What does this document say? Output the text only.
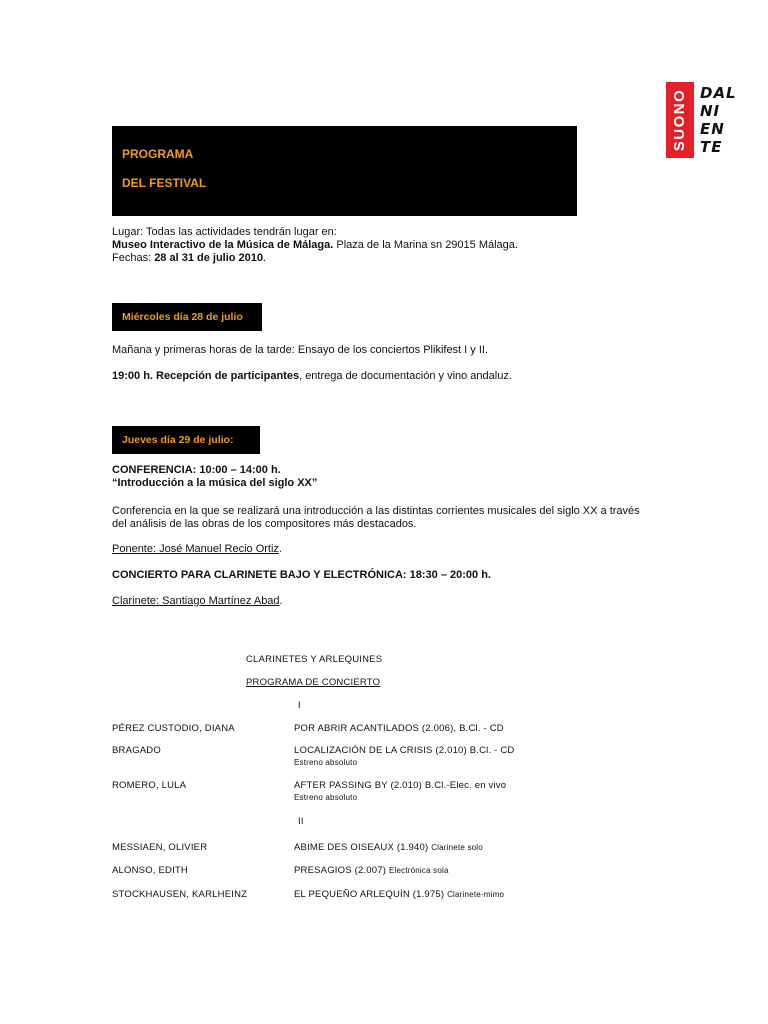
SUONO DAL
NI
EN
TE
PROGRAMA
DEL FESTIVAL
Lugar: Todas las actividades tendrán lugar en:
Museo Interactivo de la Música de Málaga. Plaza de la Marina sn 29015 Málaga.
Fechas: 28 al 31 de julio 2010.
Miércoles día 28 de julio
Mañana y primeras horas de la tarde: Ensayo de los conciertos Plikifest I y II.
19:00 h. Recepción de participantes, entrega de documentación y vino andaluz.
Jueves día 29 de julio:
CONFERENCIA: 10:00 – 14:00 h.
“Introducción a la música del siglo XX”
Conferencia en la que se realizará una introducción a las distintas corrientes musicales del siglo XX a través
del análisis de las obras de los compositores más destacados.
Ponente: José Manuel Recio Ortiz.
CONCIERTO PARA CLARINETE BAJO Y ELECTRÓNICA: 18:30 – 20:00 h.
Clarinete: Santiago Martínez Abad.
CLARINETES Y ARLEQUINES
PROGRAMA DE CONCIERTO
I
PÉREZ CUSTODIO, DIANA	POR ABRIR ACANTILADOS (2.006), B.Cl. - CD
BRAGADO	LOCALIZACIÓN DE LA CRISIS (2.010) B.Cl. - CD
Estreno absoluto
ROMERO, LULA	AFTER PASSING BY (2.010) B.Cl.-Elec. en vivo
Estreno absoluto
II
MESSIAEN, OLIVIER	ABIME DES OISEAUX (1.940) Clarinete solo
ALONSO, EDITH	PRESAGIOS (2.007) Electrónica sola
STOCKHAUSEN, KARLHEINZ	EL PEQUEÑO ARLEQUÍN (1.975) Clarinete-mimo
